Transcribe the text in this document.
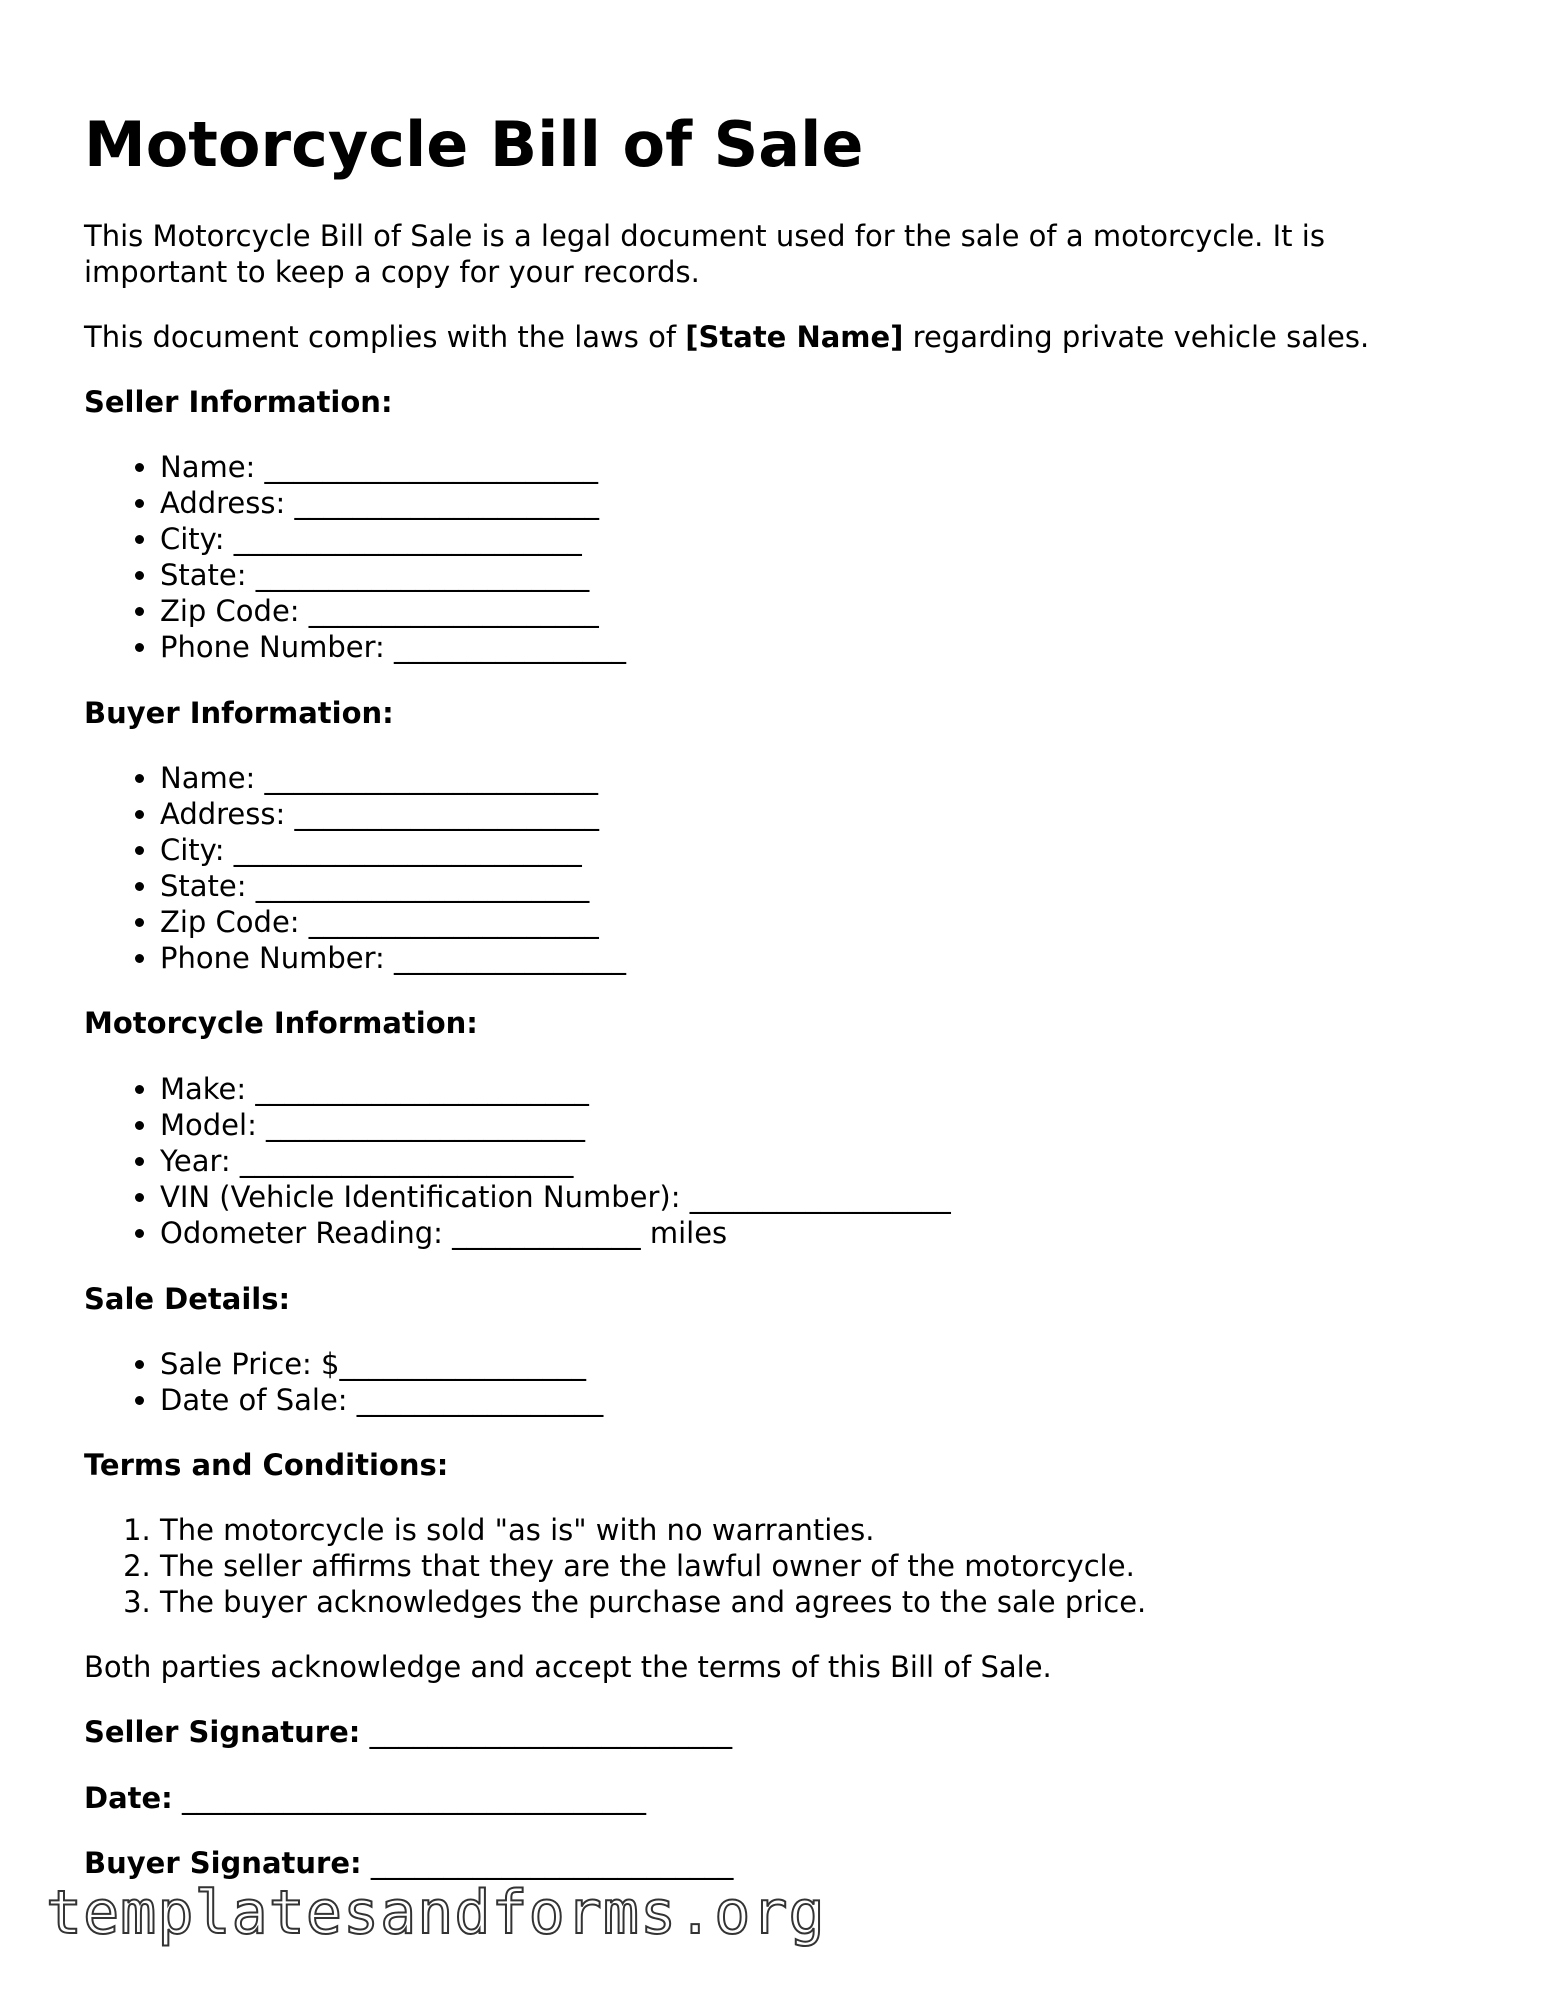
Motorcycle Bill of Sale

This Motorcycle Bill of Sale is a legal document used for the sale of a motorcycle. It is

important to keep a copy for your records.

This document complies with the laws of [State Name] regarding private vehicle sales.

Seller Information:

• Name: _______________________
• Address: _____________________
• City: ________________________
• State: _______________________
• Zip Code: ____________________
• Phone Number: ________________

Buyer Information:

• Name: _______________________
• Address: _____________________
• City: ________________________
• State: _______________________
• Zip Code: ____________________
• Phone Number: ________________

Motorcycle Information:

• Make: _______________________
• Model: ______________________
• Year: _______________________
• VIN (Vehicle Identification Number): __________________
• Odometer Reading: _____________ miles

Sale Details:

• Sale Price: $_________________
• Date of Sale: _________________

Terms and Conditions:

1. The motorcycle is sold "as is" with no warranties.
2. The seller affirms that they are the lawful owner of the motorcycle.
3. The buyer acknowledges the purchase and agrees to the sale price.

Both parties acknowledge and accept the terms of this Bill of Sale.

Seller Signature: _________________________

Date: ________________________________

Buyer Signature: _________________________

templatesandforms.org
